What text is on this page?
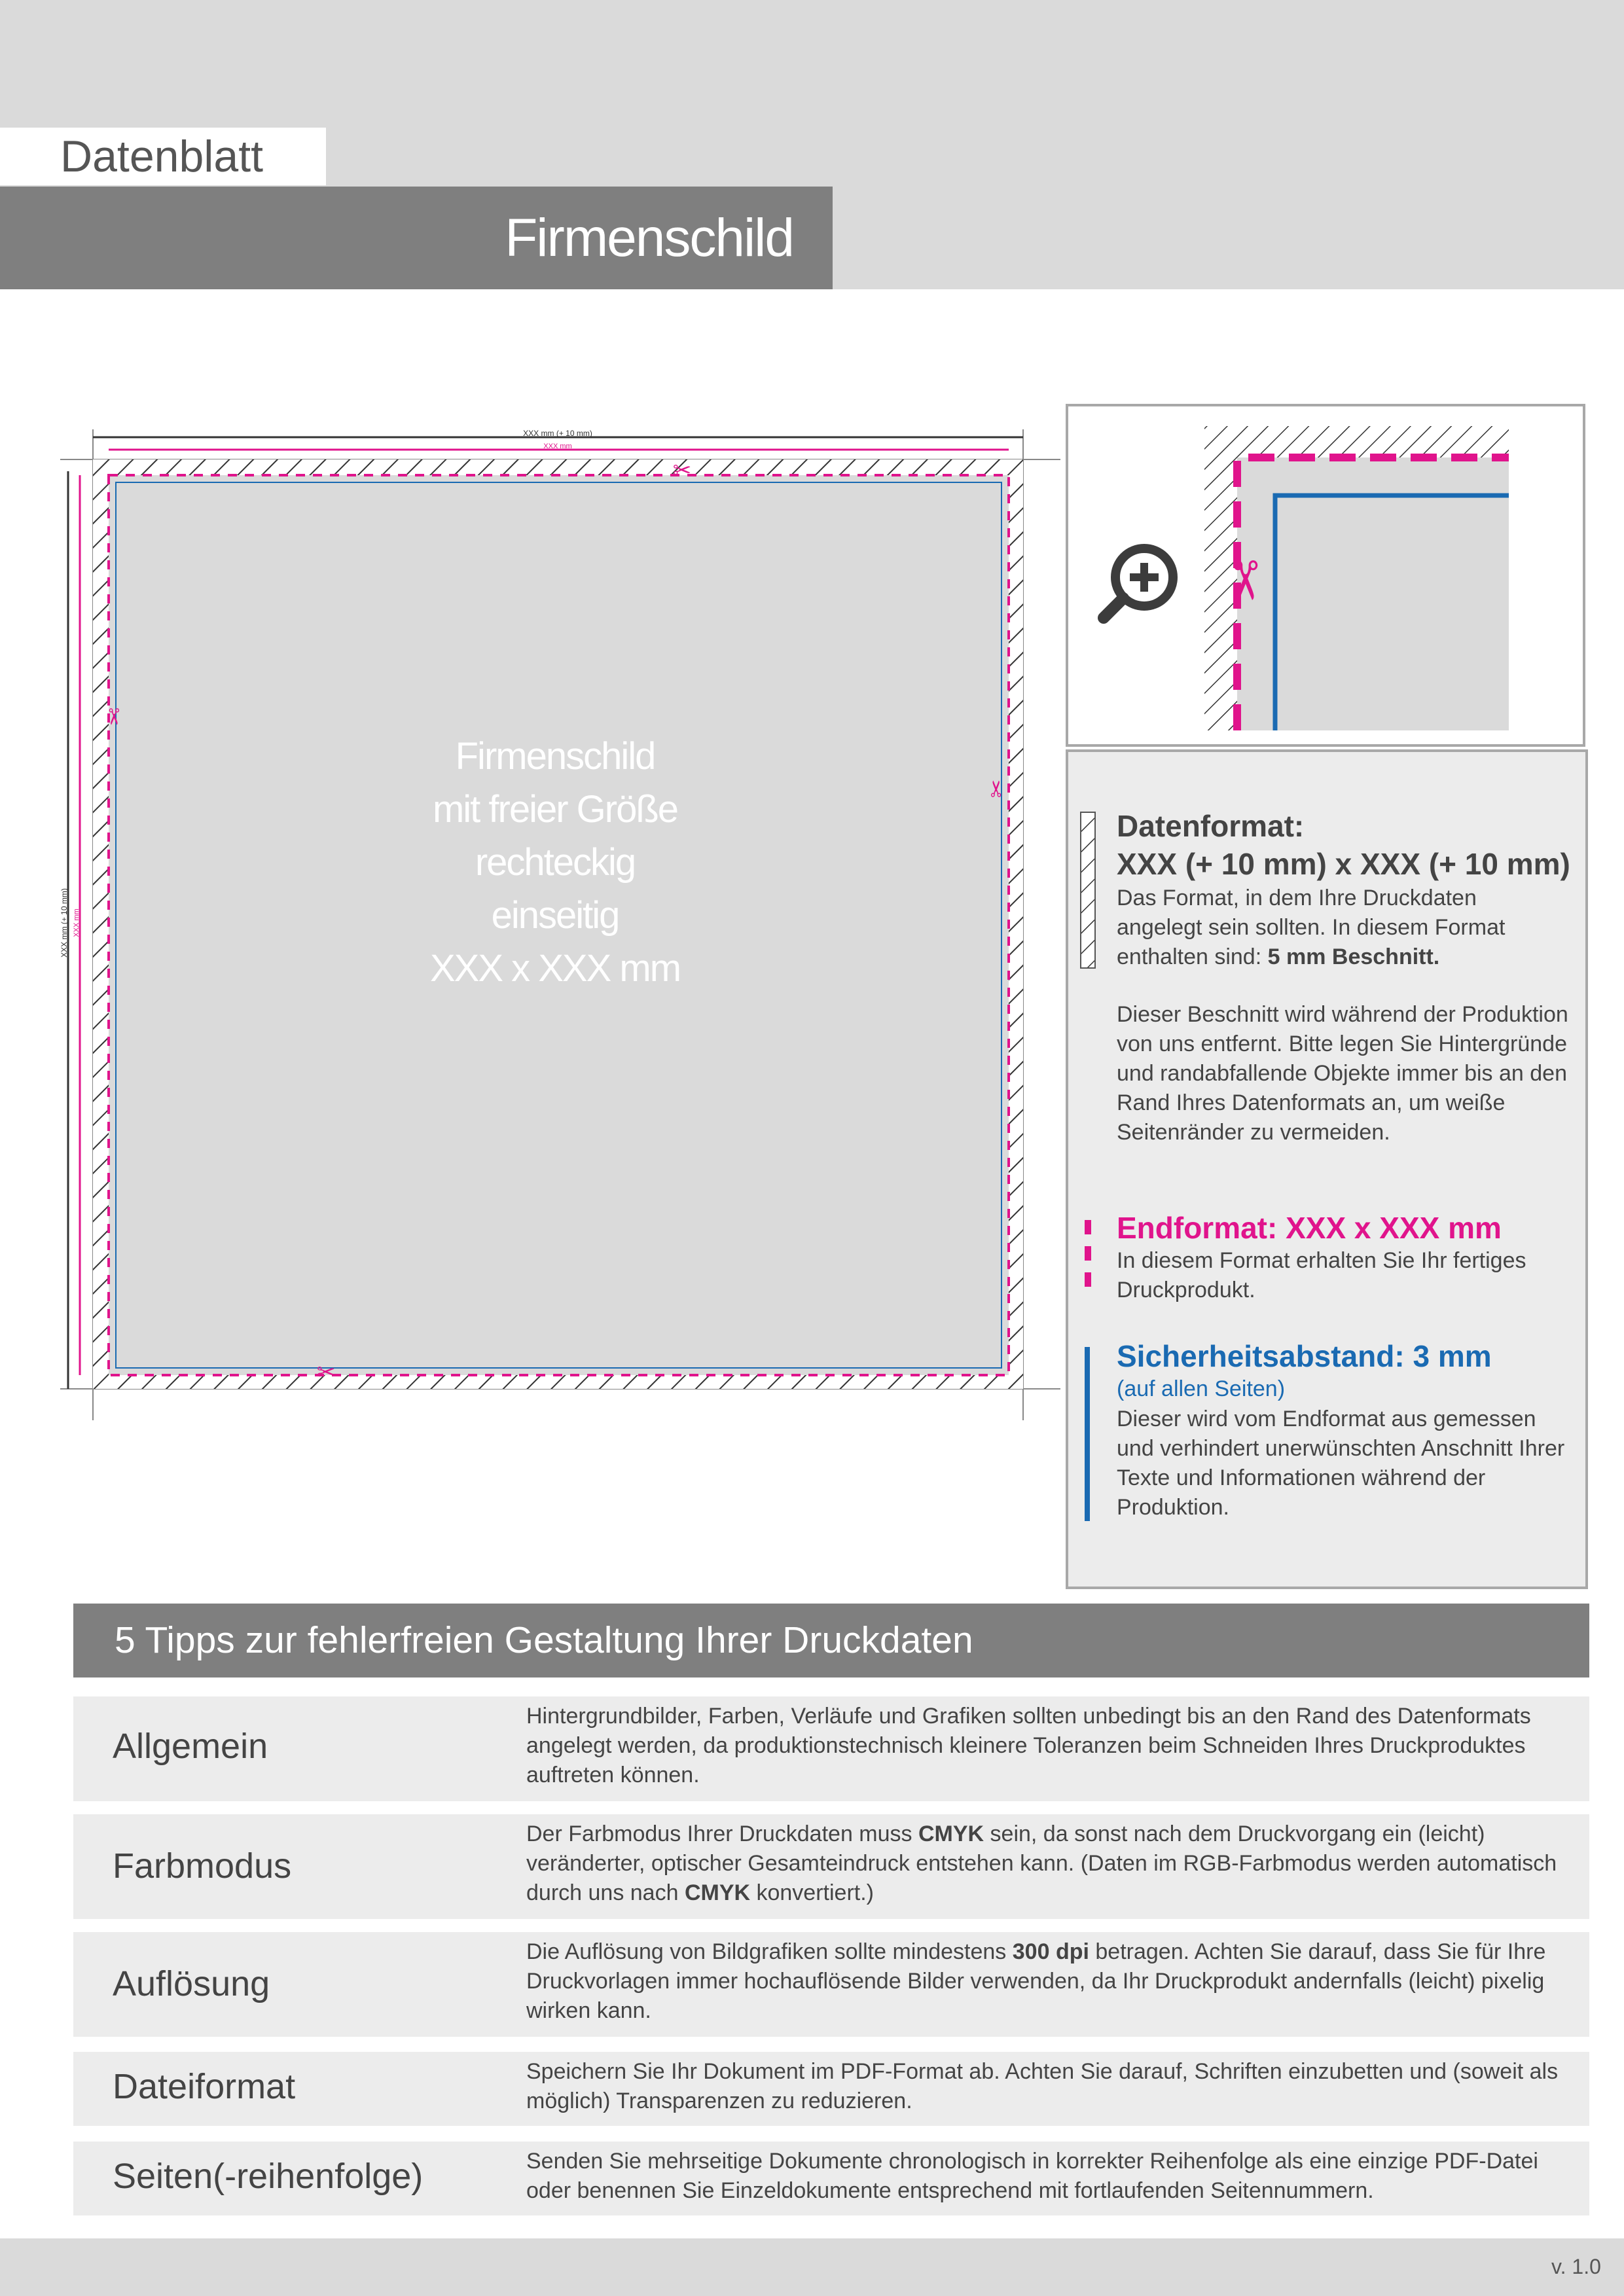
Datenblatt
Firmenschild
XXX mm (+ 10 mm)
XXX mm
XXX mm (+ 10 mm) XXX mm
✂
✂
✂
✂
Firmenschild
mit freier Größe
rechteckig
einseitig
XXX x XXX mm
✂
Datenformat:
XXX (+ 10 mm) x XXX (+ 10 mm)
Das Format, in dem Ihre Druckdaten angelegt sein sollten. In diesem Format enthalten sind: 5 mm Beschnitt.
Dieser Beschnitt wird während der Produktion von uns entfernt. Bitte legen Sie Hintergründe und randabfallende Objekte immer bis an den Rand Ihres Datenformats an, um weiße Seitenränder zu vermeiden.
Endformat: XXX x XXX mm
In diesem Format erhalten Sie Ihr fertiges Druckprodukt.
Sicherheitsabstand: 3 mm
(auf allen Seiten)
Dieser wird vom Endformat aus gemessen und verhindert unerwünschten Anschnitt Ihrer Texte und Informationen während der Produktion.
5 Tipps zur fehlerfreien Gestaltung Ihrer Druckdaten
Allgemein
Hintergrundbilder, Farben, Verläufe und Grafiken sollten unbedingt bis an den Rand des Datenformats angelegt werden, da produktionstechnisch kleinere Toleranzen beim Schneiden Ihres Druckproduktes auftreten können.
Farbmodus
Der Farbmodus Ihrer Druckdaten muss CMYK sein, da sonst nach dem Druckvorgang ein (leicht) veränderter, optischer Gesamteindruck entstehen kann. (Daten im RGB-Farbmodus werden automatisch durch uns nach CMYK konvertiert.)
Auflösung
Die Auflösung von Bildgrafiken sollte mindestens 300 dpi betragen. Achten Sie darauf, dass Sie für Ihre Druckvorlagen immer hochauflösende Bilder verwenden, da Ihr Druckprodukt andernfalls (leicht) pixelig wirken kann.
Dateiformat	Speichern Sie Ihr Dokument im PDF-Format ab. Achten Sie darauf, Schriften einzubetten und (soweit als möglich) Transparenzen zu reduzieren.
Seiten(-reihenfolge)	Senden Sie mehrseitige Dokumente chronologisch in korrekter Reihenfolge als eine einzige PDF-Datei oder benennen Sie Einzeldokumente entsprechend mit fortlaufenden Seitennummern.
v. 1.0
